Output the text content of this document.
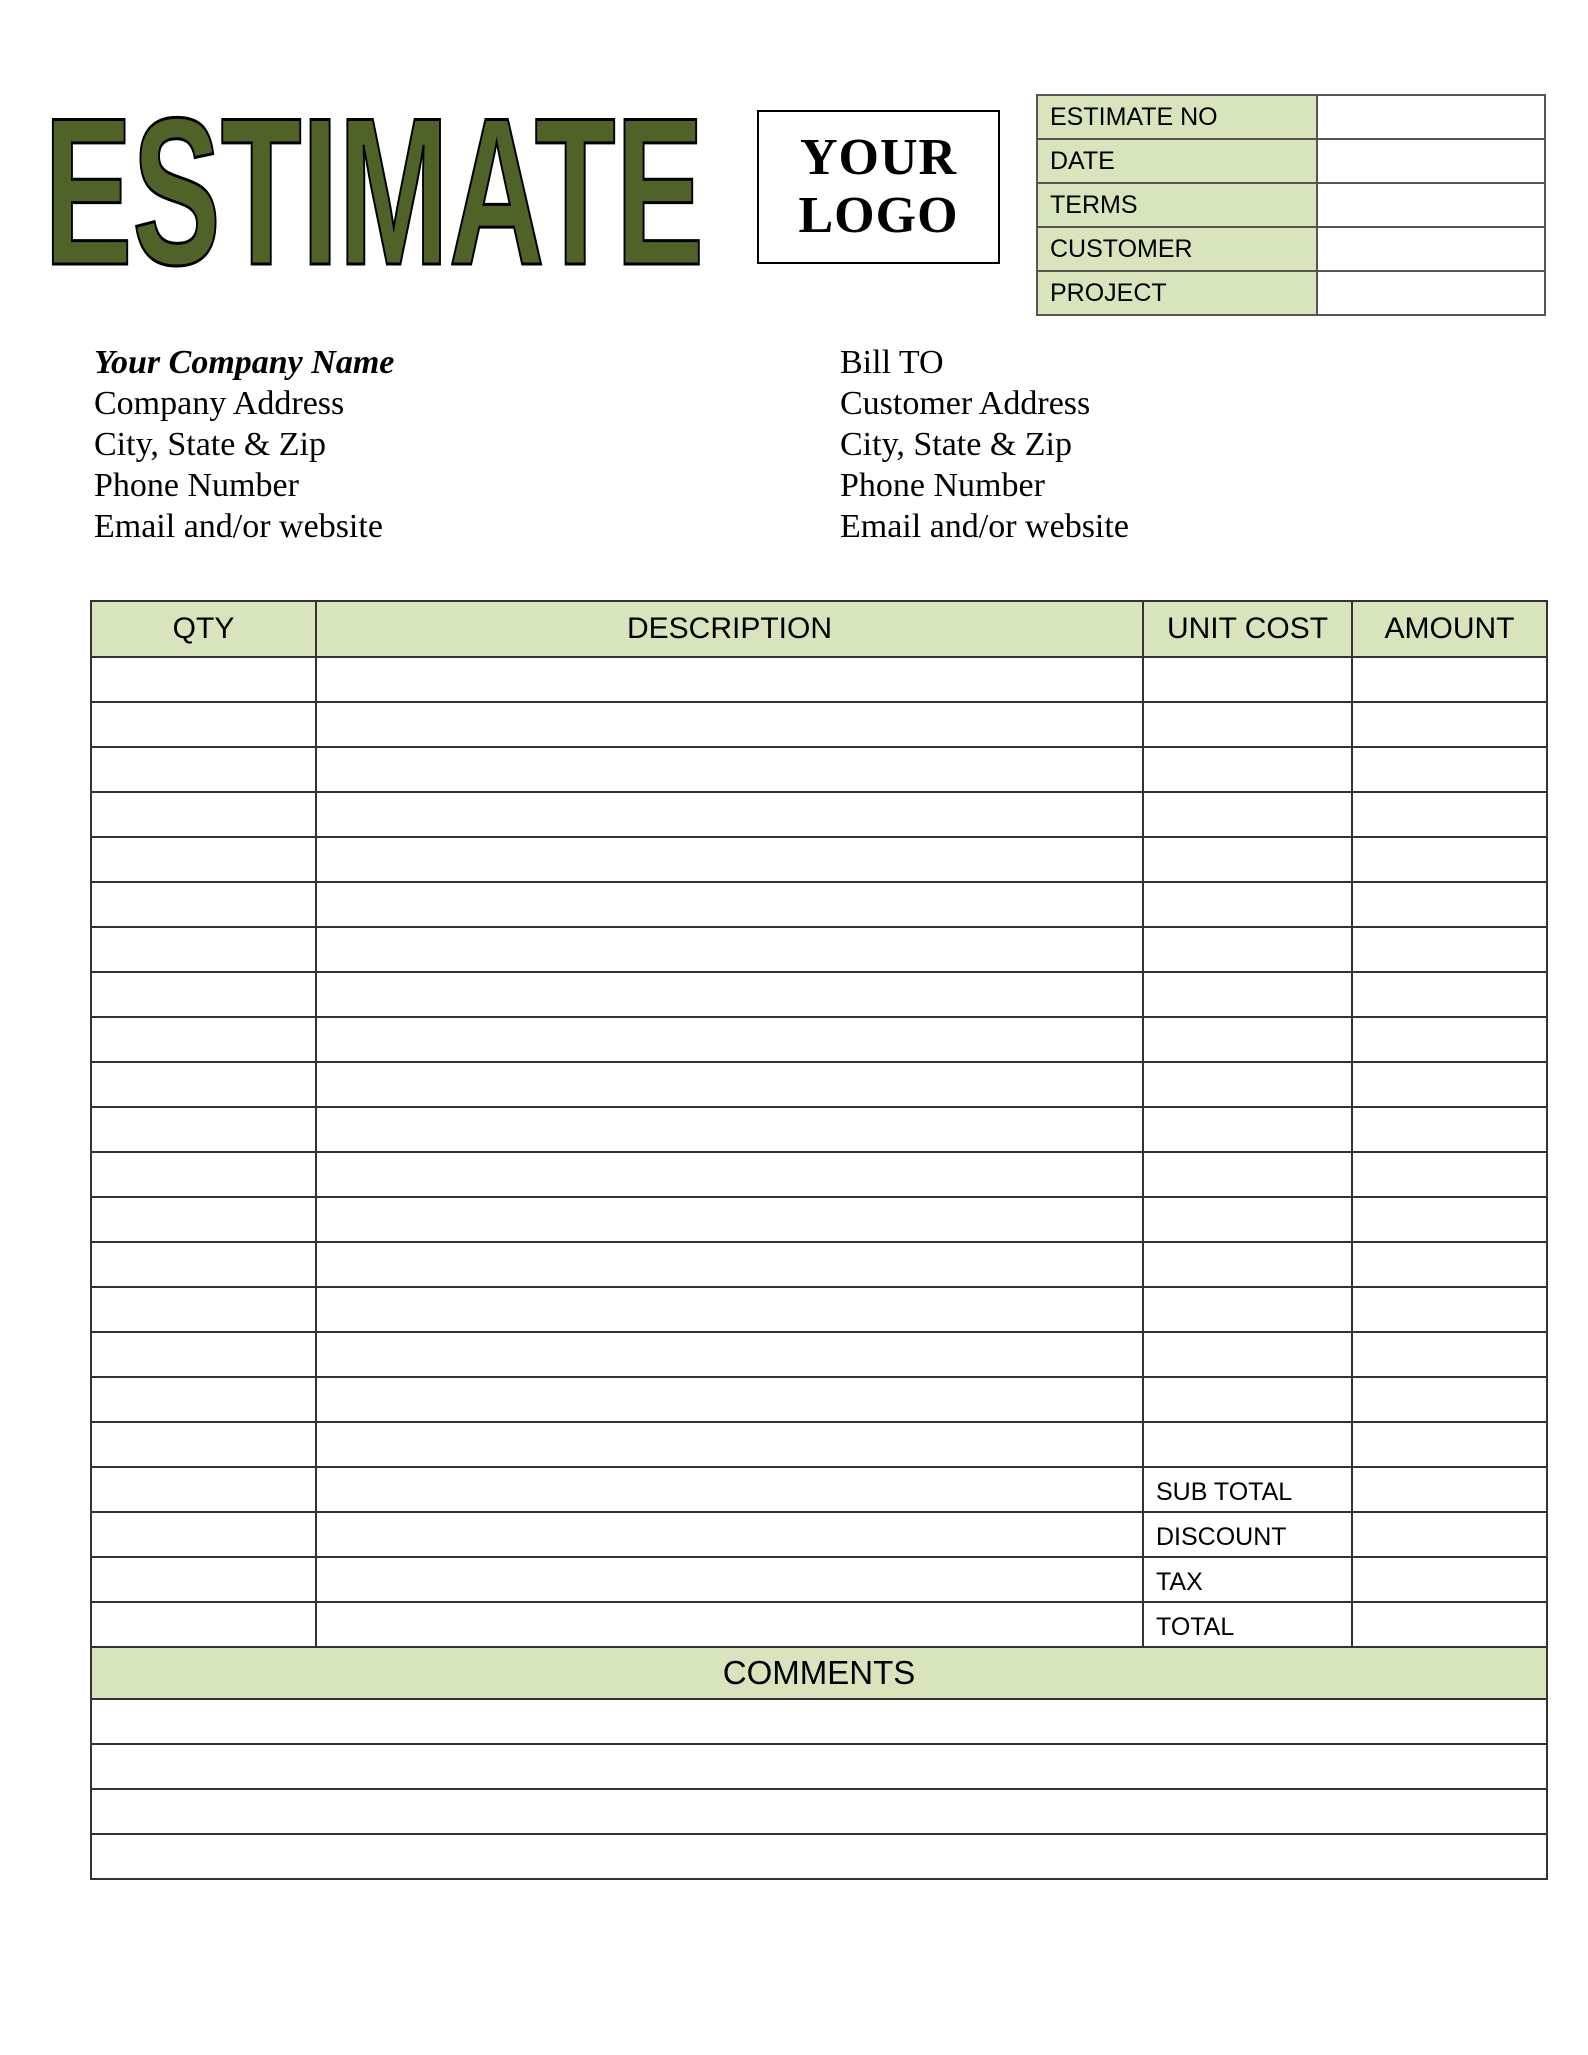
ESTIMATE YOUR
LOGO
ESTIMATE NO	
DATE	
TERMS	
CUSTOMER	
PROJECT	
Your Company Name
Company Address
City, State & Zip
Phone Number
Email and/or website
Bill TO
Customer Address
City, State & Zip
Phone Number
Email and/or website
QTY	DESCRIPTION	UNIT COST	AMOUNT

		SUB TOTAL	
		DISCOUNT	
		TAX	
		TOTAL	
COMMENTS			
